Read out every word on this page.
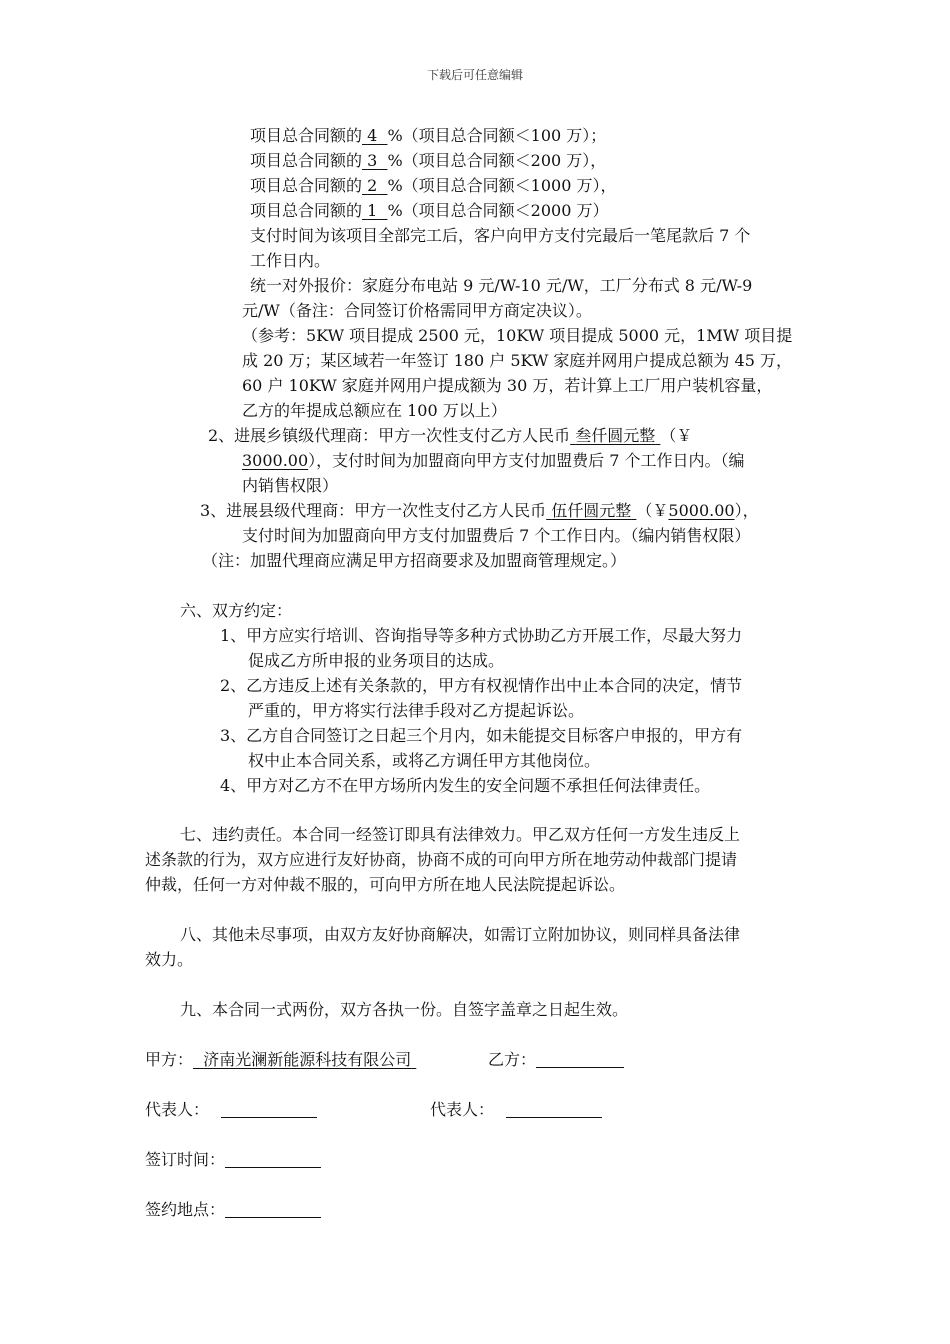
下载后可任意编辑
项目总合同额的 4 %（项目总合同额＜100 万）；
项目总合同额的 3 %（项目总合同额＜200 万），
项目总合同额的 2 %（项目总合同额＜1000 万），
项目总合同额的 1 %（项目总合同额＜2000 万）
支付时间为该项目全部完工后，客户向甲方支付完最后一笔尾款后 7 个
工作日内。
统一对外报价：家庭分布电站 9 元/W-10 元/W，工厂分布式 8 元/W-9
元/W（备注：合同签订价格需同甲方商定决议）。
（参考：5KW 项目提成 2500 元，10KW 项目提成 5000 元，1MW 项目提
成 20 万；某区域若一年签订 180 户 5KW 家庭并网用户提成总额为 45 万，
60 户 10KW 家庭并网用户提成额为 30 万，若计算上工厂用户装机容量，
乙方的年提成总额应在 100 万以上）
2、进展乡镇级代理商：甲方一次性支付乙方人民币 叁仟圆元整 （￥
3000.00），支付时间为加盟商向甲方支付加盟费后 7 个工作日内。（编
内销售权限）
3、进展县级代理商：甲方一次性支付乙方人民币 伍仟圆元整 （￥5000.00），
支付时间为加盟商向甲方支付加盟费后 7 个工作日内。（编内销售权限）
（注：加盟代理商应满足甲方招商要求及加盟商管理规定。）
六、双方约定：
1、甲方应实行培训、咨询指导等多种方式协助乙方开展工作，尽最大努力
促成乙方所申报的业务项目的达成。
2、乙方违反上述有关条款的，甲方有权视情作出中止本合同的决定，情节
严重的，甲方将实行法律手段对乙方提起诉讼。
3、乙方自合同签订之日起三个月内，如未能提交目标客户申报的，甲方有
权中止本合同关系，或将乙方调任甲方其他岗位。
4、甲方对乙方不在甲方场所内发生的安全问题不承担任何法律责任。
七、违约责任。本合同一经签订即具有法律效力。甲乙双方任何一方发生违反上
述条款的行为，双方应进行友好协商，协商不成的可向甲方所在地劳动仲裁部门提请
仲裁，任何一方对仲裁不服的，可向甲方所在地人民法院提起诉讼。
八、其他未尽事项，由双方友好协商解决，如需订立附加协议，则同样具备法律
效力。
九、本合同一式两份，双方各执一份。自签字盖章之日起生效。
甲方： 济南光澜新能源科技有限公司	乙方：
代表人：	代表人：
签订时间：
签约地点：
